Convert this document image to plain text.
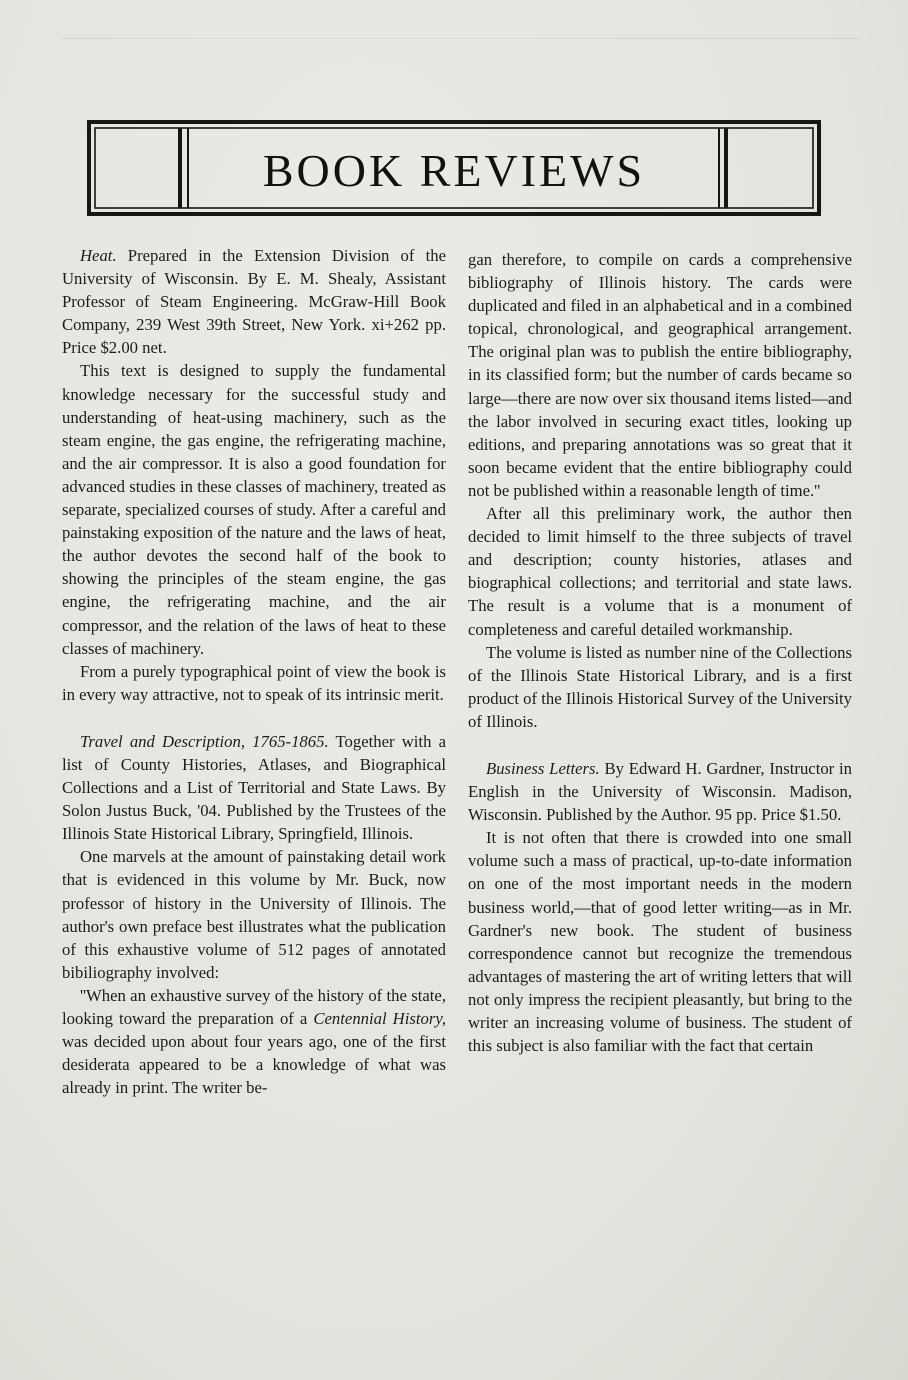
BOOK REVIEWS

Heat. Prepared in the Extension Division of the University of Wisconsin. By E. M. Shealy, Assistant Professor of Steam Engineering. McGraw-Hill Book Company, 239 West 39th Street, New York. xi+262 pp. Price $2.00 net.

This text is designed to supply the fundamental knowledge necessary for the successful study and understanding of heat-using machinery, such as the steam engine, the gas engine, the refrigerating machine, and the air compressor. It is also a good foundation for advanced studies in these classes of machinery, treated as separate, specialized courses of study. After a careful and painstaking exposition of the nature and the laws of heat, the author devotes the second half of the book to showing the principles of the steam engine, the gas engine, the refrigerating machine, and the air compressor, and the relation of the laws of heat to these classes of machinery.

From a purely typographical point of view the book is in every way attractive, not to speak of its intrinsic merit.

Travel and Description, 1765-1865. Together with a list of County Histories, Atlases, and Biographical Collections and a List of Territorial and State Laws. By Solon Justus Buck, '04. Published by the Trustees of the Illinois State Historical Library, Springfield, Illinois.

One marvels at the amount of painstaking detail work that is evidenced in this volume by Mr. Buck, now professor of history in the University of Illinois. The author's own preface best illustrates what the publication of this exhaustive volume of 512 pages of annotated bibiliography involved:

''When an exhaustive survey of the history of the state, looking toward the preparation of a Centennial History, was decided upon about four years ago, one of the first desiderata appeared to be a knowledge of what was already in print. The writer be-

gan therefore, to compile on cards a comprehensive bibliography of Illinois history. The cards were duplicated and filed in an alphabetical and in a combined topical, chronological, and geographical arrangement. The original plan was to publish the entire bibliography, in its classified form; but the number of cards became so large—there are now over six thousand items listed—and the labor involved in securing exact titles, looking up editions, and preparing annotations was so great that it soon became evident that the entire bibliography could not be published within a reasonable length of time.''

After all this preliminary work, the author then decided to limit himself to the three subjects of travel and description; county histories, atlases and biographical collections; and territorial and state laws. The result is a volume that is a monument of completeness and careful detailed workmanship.

The volume is listed as number nine of the Collections of the Illinois State Historical Library, and is a first product of the Illinois Historical Survey of the University of Illinois.

Business Letters. By Edward H. Gardner, Instructor in English in the University of Wisconsin. Madison, Wisconsin. Published by the Author. 95 pp. Price $1.50.

It is not often that there is crowded into one small volume such a mass of practical, up-to-date information on one of the most important needs in the modern business world,—that of good letter writing—as in Mr. Gardner's new book. The student of business correspondence cannot but recognize the tremendous advantages of mastering the art of writing letters that will not only impress the recipient pleasantly, but bring to the writer an increasing volume of business. The student of this subject is also familiar with the fact that certain
